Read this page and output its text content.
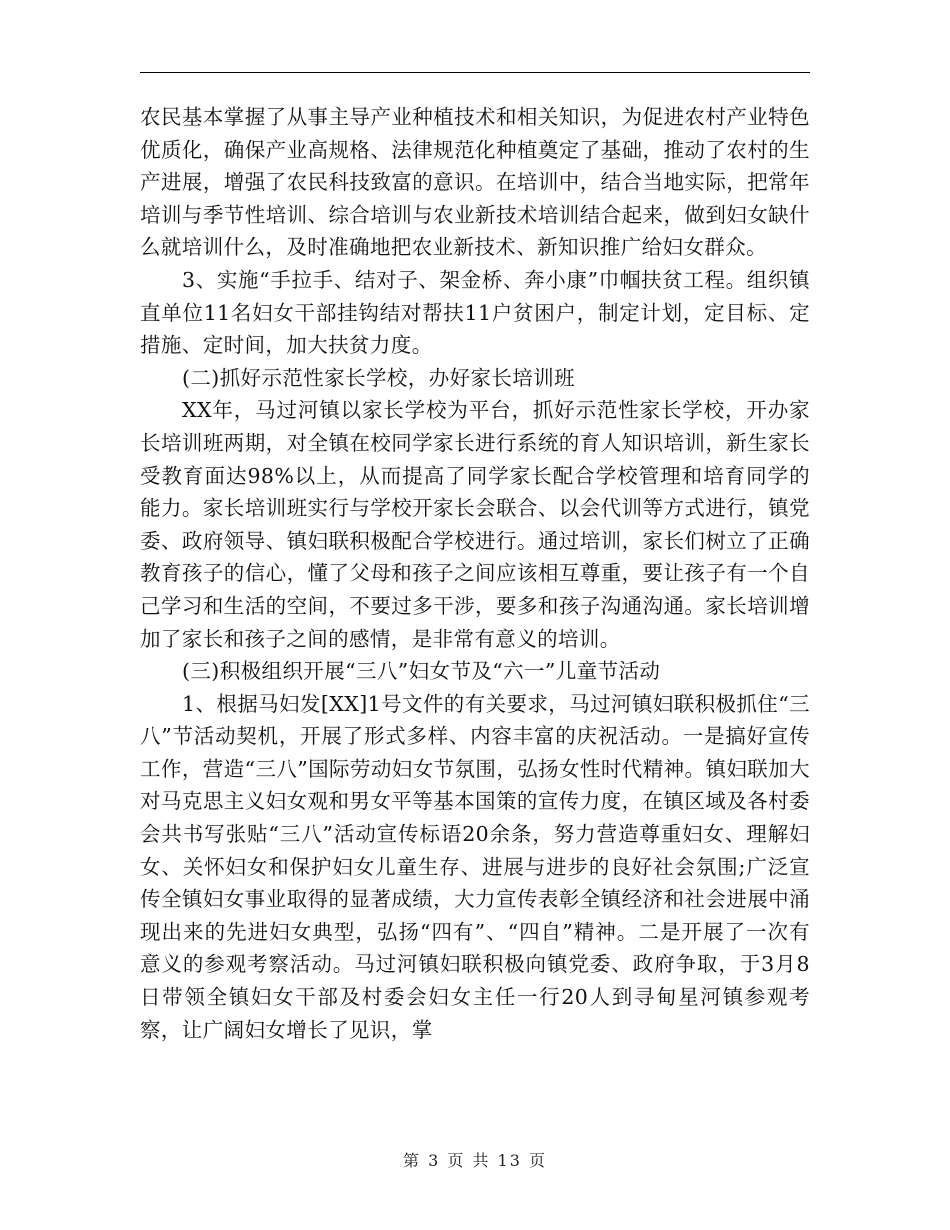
农民基本掌握了从事主导产业种植技术和相关知识，为促进农村产业特色优质化，确保产业高规格、法律规范化种植奠定了基础，推动了农村的生产进展，增强了农民科技致富的意识。在培训中，结合当地实际，把常年培训与季节性培训、综合培训与农业新技术培训结合起来，做到妇女缺什么就培训什么，及时准确地把农业新技术、新知识推广给妇女群众。

3、实施“手拉手、结对子、架金桥、奔小康”巾帼扶贫工程。组织镇直单位11名妇女干部挂钩结对帮扶11户贫困户，制定计划，定目标、定措施、定时间，加大扶贫力度。

(二)抓好示范性家长学校，办好家长培训班

XX年，马过河镇以家长学校为平台，抓好示范性家长学校，开办家长培训班两期，对全镇在校同学家长进行系统的育人知识培训，新生家长受教育面达98%以上，从而提高了同学家长配合学校管理和培育同学的能力。家长培训班实行与学校开家长会联合、以会代训等方式进行，镇党委、政府领导、镇妇联积极配合学校进行。通过培训，家长们树立了正确教育孩子的信心，懂了父母和孩子之间应该相互尊重，要让孩子有一个自己学习和生活的空间，不要过多干涉，要多和孩子沟通沟通。家长培训增加了家长和孩子之间的感情，是非常有意义的培训。

(三)积极组织开展“三八”妇女节及“六一”儿童节活动

1、根据马妇发[XX]1号文件的有关要求，马过河镇妇联积极抓住“三八”节活动契机，开展了形式多样、内容丰富的庆祝活动。一是搞好宣传工作，营造“三八”国际劳动妇女节氛围，弘扬女性时代精神。镇妇联加大对马克思主义妇女观和男女平等基本国策的宣传力度，在镇区域及各村委会共书写张贴“三八”活动宣传标语20余条，努力营造尊重妇女、理解妇女、关怀妇女和保护妇女儿童生存、进展与进步的良好社会氛围;广泛宣传全镇妇女事业取得的显著成绩，大力宣传表彰全镇经济和社会进展中涌现出来的先进妇女典型，弘扬“四有”、“四自”精神。二是开展了一次有意义的参观考察活动。马过河镇妇联积极向镇党委、政府争取，于3月8日带领全镇妇女干部及村委会妇女主任一行20人到寻甸星河镇参观考察，让广阔妇女增长了见识，掌

第 3 页 共 13 页
